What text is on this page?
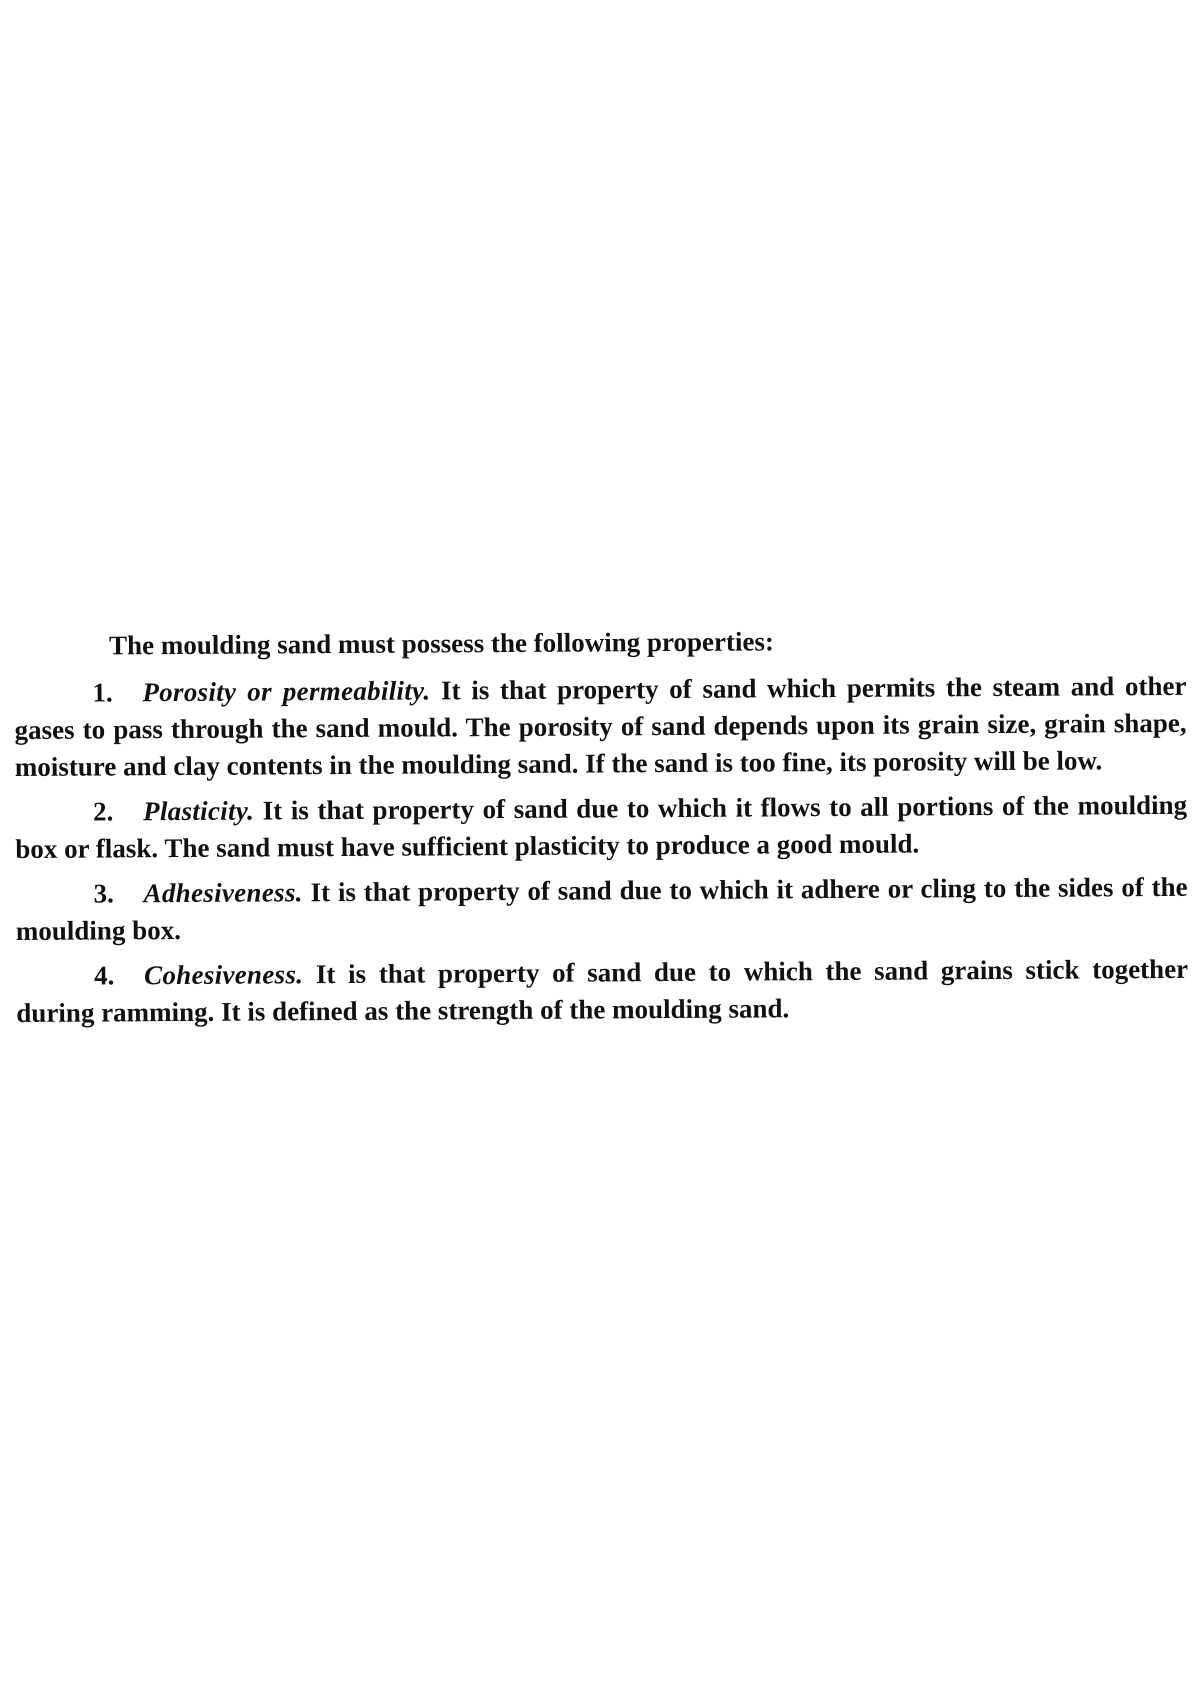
The moulding sand must possess the following properties:

1. Porosity or permeability. It is that property of sand which permits the steam and other gases to pass through the sand mould. The porosity of sand depends upon its grain size, grain shape, moisture and clay contents in the moulding sand. If the sand is too fine, its porosity will be low.

2. Plasticity. It is that property of sand due to which it flows to all portions of the moulding box or flask. The sand must have sufficient plasticity to produce a good mould.

3. Adhesiveness. It is that property of sand due to which it adhere or cling to the sides of the moulding box.

4. Cohesiveness. It is that property of sand due to which the sand grains stick together during ramming. It is defined as the strength of the moulding sand.
